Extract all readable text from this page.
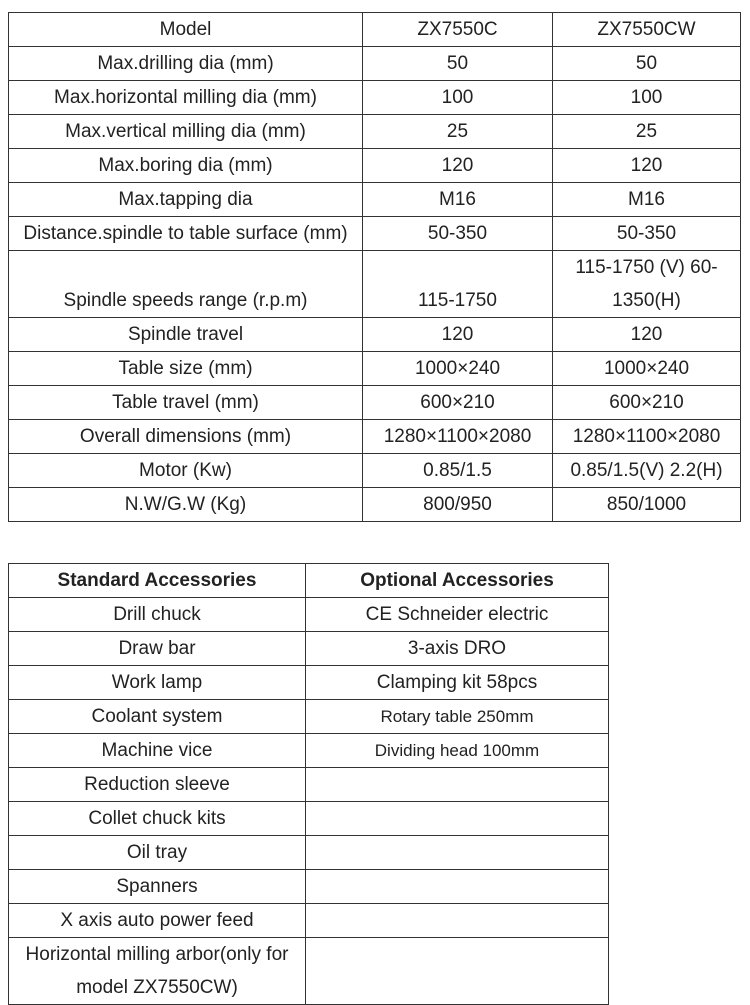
Model	ZX7550C	ZX7550CW
Max.drilling dia (mm)	50	50
Max.horizontal milling dia (mm)	100	100
Max.vertical milling dia (mm)	25	25
Max.boring dia (mm)	120	120
Max.tapping dia	M16	M16
Distance.spindle to table surface (mm)	50-350	50-350
Spindle speeds range (r.p.m)	115-1750	115-1750 (V) 60-1350(H)
Spindle travel	120	120
Table size (mm)	1000×240	1000×240
Table travel (mm)	600×210	600×210
Overall dimensions (mm)	1280×1100×2080	1280×1100×2080
Motor (Kw)	0.85/1.5	0.85/1.5(V) 2.2(H)
N.W/G.W (Kg)	800/950	850/1000
Standard Accessories	Optional Accessories
Drill chuck	CE Schneider electric
Draw bar	3-axis DRO
Work lamp	Clamping kit 58pcs
Coolant system	Rotary table 250mm
Machine vice	Dividing head 100mm
Reduction sleeve	
Collet chuck kits	
Oil tray	
Spanners	
X axis auto power feed	
Horizontal milling arbor(only for model ZX7550CW)	
